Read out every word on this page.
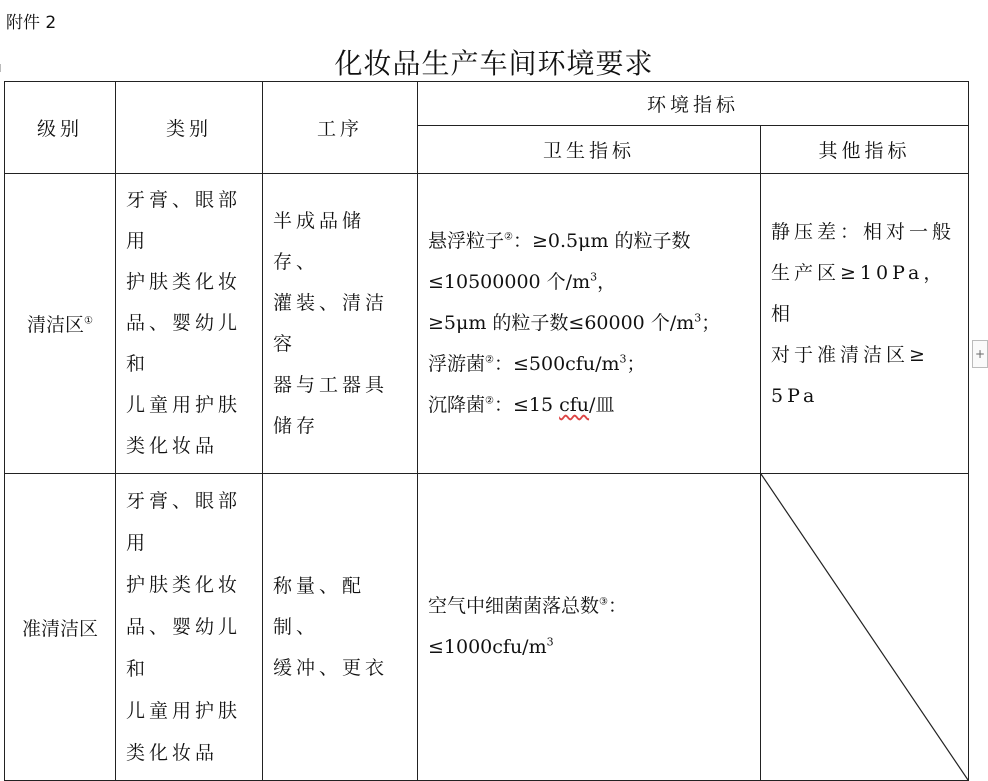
附件 2
化妆品生产车间环境要求
级别	类别	工序	环境指标	
			卫生指标	其他指标
清洁区①	牙膏、眼部用
护肤类化妆
品、婴幼儿和
儿童用护肤
类化妆品	半成品储存、
灌装、清洁容
器与工器具
储存	悬浮粒子②：≥0.5μm 的粒子数
≤10500000 个$/m^3$，
≥5μm 的粒子数≤60000 个$/m^3$；
浮游菌②：$\le 500cfu/m^3$；
沉降菌②：≤15 cfu/皿	静压差：相对一般
生产区≥10Pa，相
对于准清洁区≥
5Pa

准清洁区	牙膏、眼部用
护肤类化妆
品、婴幼儿和
儿童用护肤
类化妆品	称量、配制、
缓冲、更衣	空气中细菌菌落总数③：
$\le 1000cfu/m^3$

+
